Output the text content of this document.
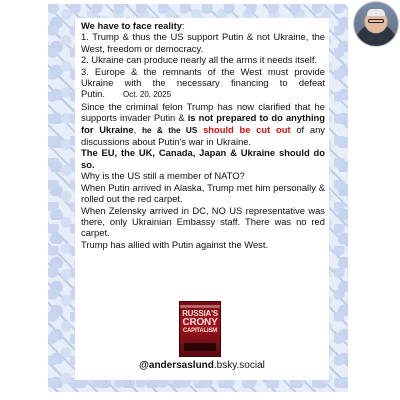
We have to face reality:

1. Trump & thus the US support Putin & not Ukraine, the West, freedom or democracy.

2. Ukraine can produce nearly all the arms it needs itself.

3. Europe & the remnants of the West must provide Ukraine with the necessary financing to defeat Putin. Oct. 20, 2025

Since the criminal felon Trump has now clarified that he supports invader Putin & is not prepared to do anything for Ukraine, he & the US should be cut out of any discussions about Putin's war in Ukraine.

The EU, the UK, Canada, Japan & Ukraine should do so.

Why is the US still a member of NATO?

When Putin arrived in Alaska, Trump met him personally & rolled out the red carpet.

When Zelensky arrived in DC, NO US representative was there, only Ukrainian Embassy staff. There was no red carpet.

Trump has allied with Putin against the West.

RUSSIA'S
CRONY
CAPITALISM
@andersaslund.bsky.social
